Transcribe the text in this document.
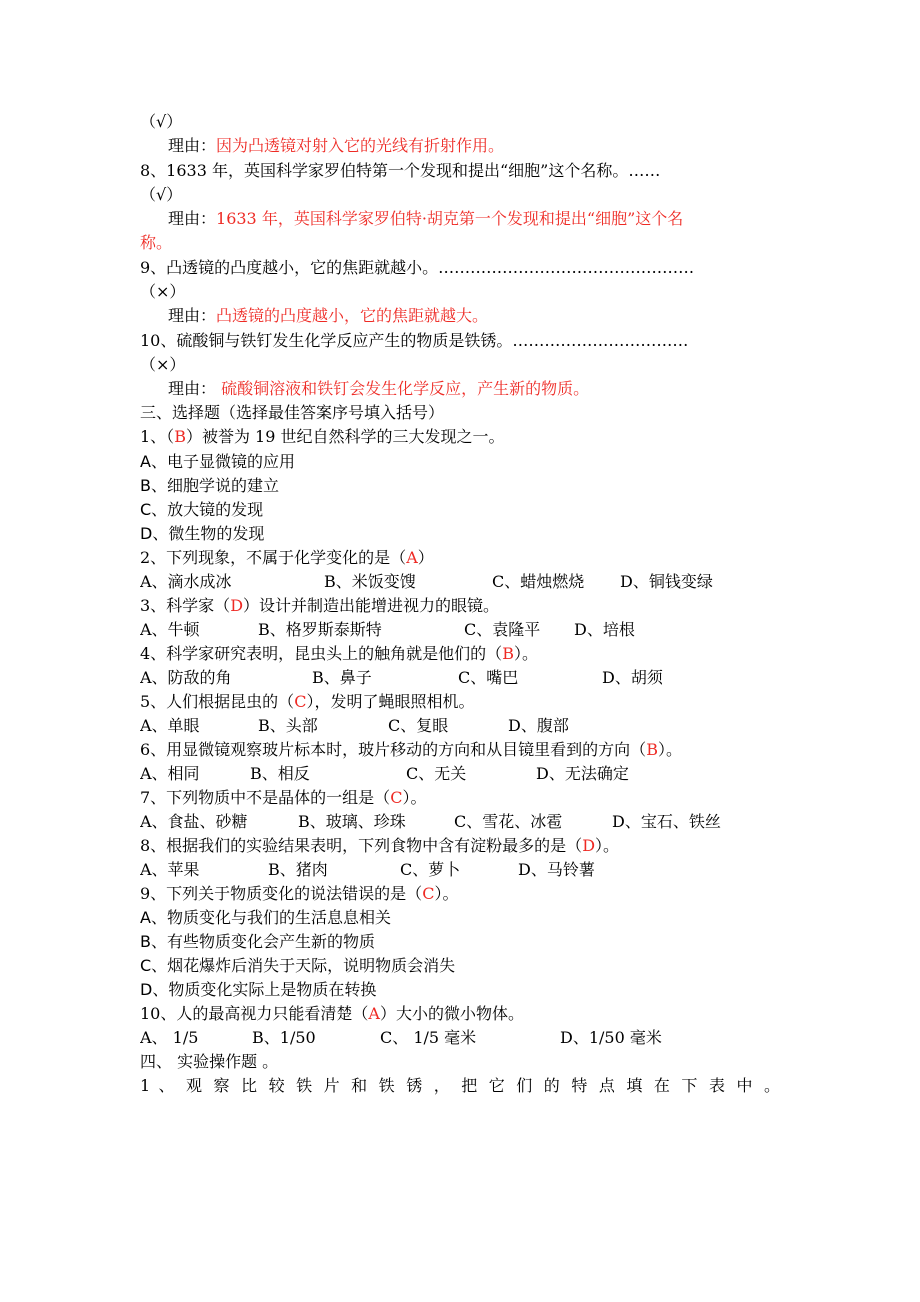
（√）
理由：因为凸透镜对射入它的光线有折射作用。
8、1633 年，英国科学家罗伯特第一个发现和提出“细胞”这个名称。……
（√）
理由：1633 年，英国科学家罗伯特·胡克第一个发现和提出“细胞”这个名
称。
9、凸透镜的凸度越小，它的焦距就越小。…………………………………………
（×）
理由：凸透镜的凸度越小，它的焦距就越大。
10、硫酸铜与铁钉发生化学反应产生的物质是铁锈。……………………………
（×）
理由： 硫酸铜溶液和铁钉会发生化学反应，产生新的物质。
三、选择题（选择最佳答案序号填入括号）
1、（B）被誉为 19 世纪自然科学的三大发现之一。
A、电子显微镜的应用
B、细胞学说的建立
C、放大镜的发现
D、微生物的发现
2、下列现象，不属于化学变化的是（A）
A、滴水成冰	B、米饭变馊	C、蜡烛燃烧 D、铜钱变绿
3、科学家（D）设计并制造出能增进视力的眼镜。
A、牛顿	B、格罗斯泰斯特	C、袁隆平 D、培根
4、科学家研究表明，昆虫头上的触角就是他们的（B）。
A、防敌的角	B、鼻子	C、嘴巴	D、胡须
5、人们根据昆虫的（C），发明了蝇眼照相机。
A、单眼	B、头部	C、复眼	D、腹部
6、用显微镜观察玻片标本时，玻片移动的方向和从目镜里看到的方向（B）。
A、相同	B、相反	C、无关	D、无法确定
7、下列物质中不是晶体的一组是（C）。
A、食盐、砂糖	B、玻璃、珍珠	C、雪花、冰雹	D、宝石、铁丝
8、根据我们的实验结果表明，下列食物中含有淀粉最多的是（D）。
A、苹果	B、猪肉	C、萝卜	D、马铃薯
9、下列关于物质变化的说法错误的是（C）。
A、物质变化与我们的生活息息相关
B、有些物质变化会产生新的物质
C、烟花爆炸后消失于天际，说明物质会消失
D、物质变化实际上是物质在转换
10、人的最高视力只能看清楚（A）大小的微小物体。
A、 1/5	B、1/50	C、 1/5 毫米	D、1/50 毫米
四、 实验操作题 。
1 、 观 察 比 较 铁 片 和 铁 锈 ， 把 它 们 的 特 点 填 在 下 表 中 。
